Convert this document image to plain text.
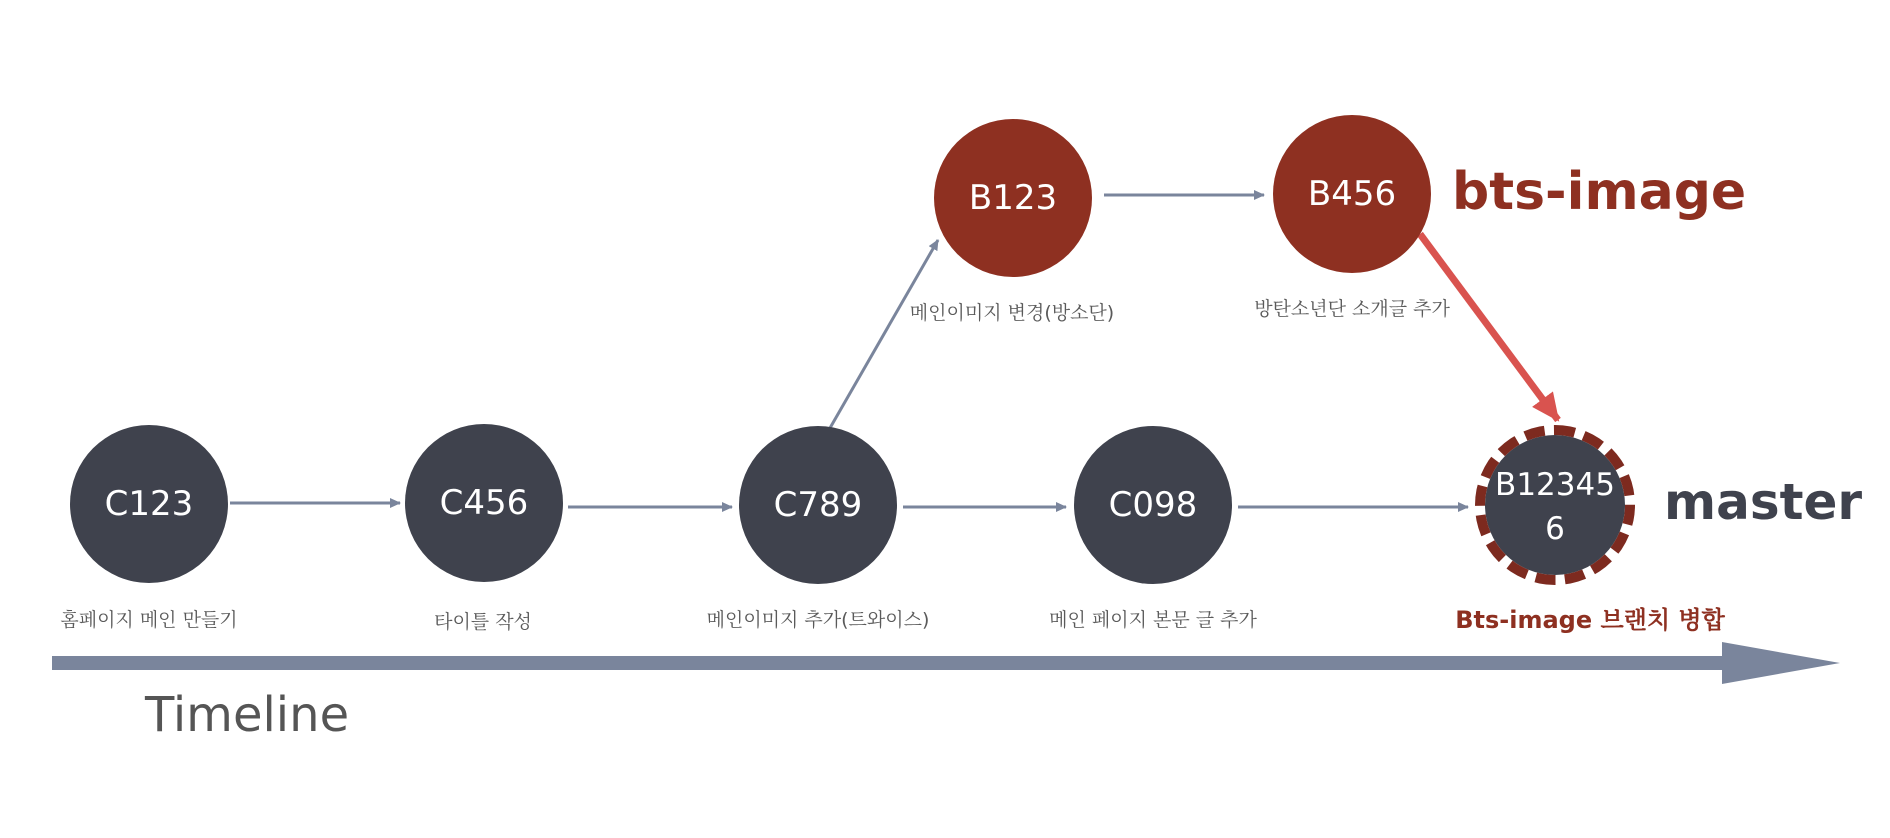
C123	C456	C789	C098
B123	B456
B12345
6
홈페이지 메인 만들기	타이틀 작성	메인이미지 추가(트와이스)	메인 페이지 본문 글 추가
메인이미지 변경(방소단)	방탄소년단 소개글 추가
Bts-image 브랜치 병합
bts-image
master
Timeline
